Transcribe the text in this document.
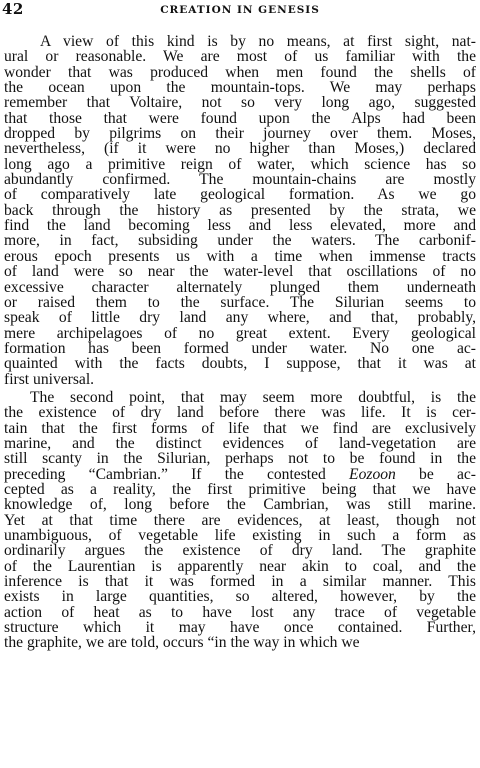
42	CREATION IN GENESIS
A view of this kind is by no means, at first sight, nat-
ural or reasonable. We are most of us familiar with the
wonder that was produced when men found the shells of
the ocean upon the mountain-tops. We may perhaps
remember that Voltaire, not so very long ago, suggested
that those that were found upon the Alps had been
dropped by pilgrims on their journey over them. Moses,
nevertheless, (if it were no higher than Moses,) declared
long ago a primitive reign of water, which science has so
abundantly confirmed. The mountain-chains are mostly
of comparatively late geological formation. As we go
back through the history as presented by the strata, we
find the land becoming less and less elevated, more and
more, in fact, subsiding under the waters. The carbonif-
erous epoch presents us with a time when immense tracts
of land were so near the water-level that oscillations of no
excessive character alternately plunged them underneath
or raised them to the surface. The Silurian seems to
speak of little dry land any where, and that, probably,
mere archipelagoes of no great extent. Every geological
formation has been formed under water. No one ac-
quainted with the facts doubts, I suppose, that it was at
first universal.
The second point, that may seem more doubtful, is the
the existence of dry land before there was life. It is cer-
tain that the first forms of life that we find are exclusively
marine, and the distinct evidences of land-vegetation are
still scanty in the Silurian, perhaps not to be found in the
preceding “Cambrian.” If the contested Eozoon be ac-
cepted as a reality, the first primitive being that we have
knowledge of, long before the Cambrian, was still marine.
Yet at that time there are evidences, at least, though not
unambiguous, of vegetable life existing in such a form as
ordinarily argues the existence of dry land. The graphite
of the Laurentian is apparently near akin to coal, and the
inference is that it was formed in a similar manner. This
exists in large quantities, so altered, however, by the
action of heat as to have lost any trace of vegetable
structure which it may have once contained. Further,
the graphite, we are told, occurs “in the way in which we
